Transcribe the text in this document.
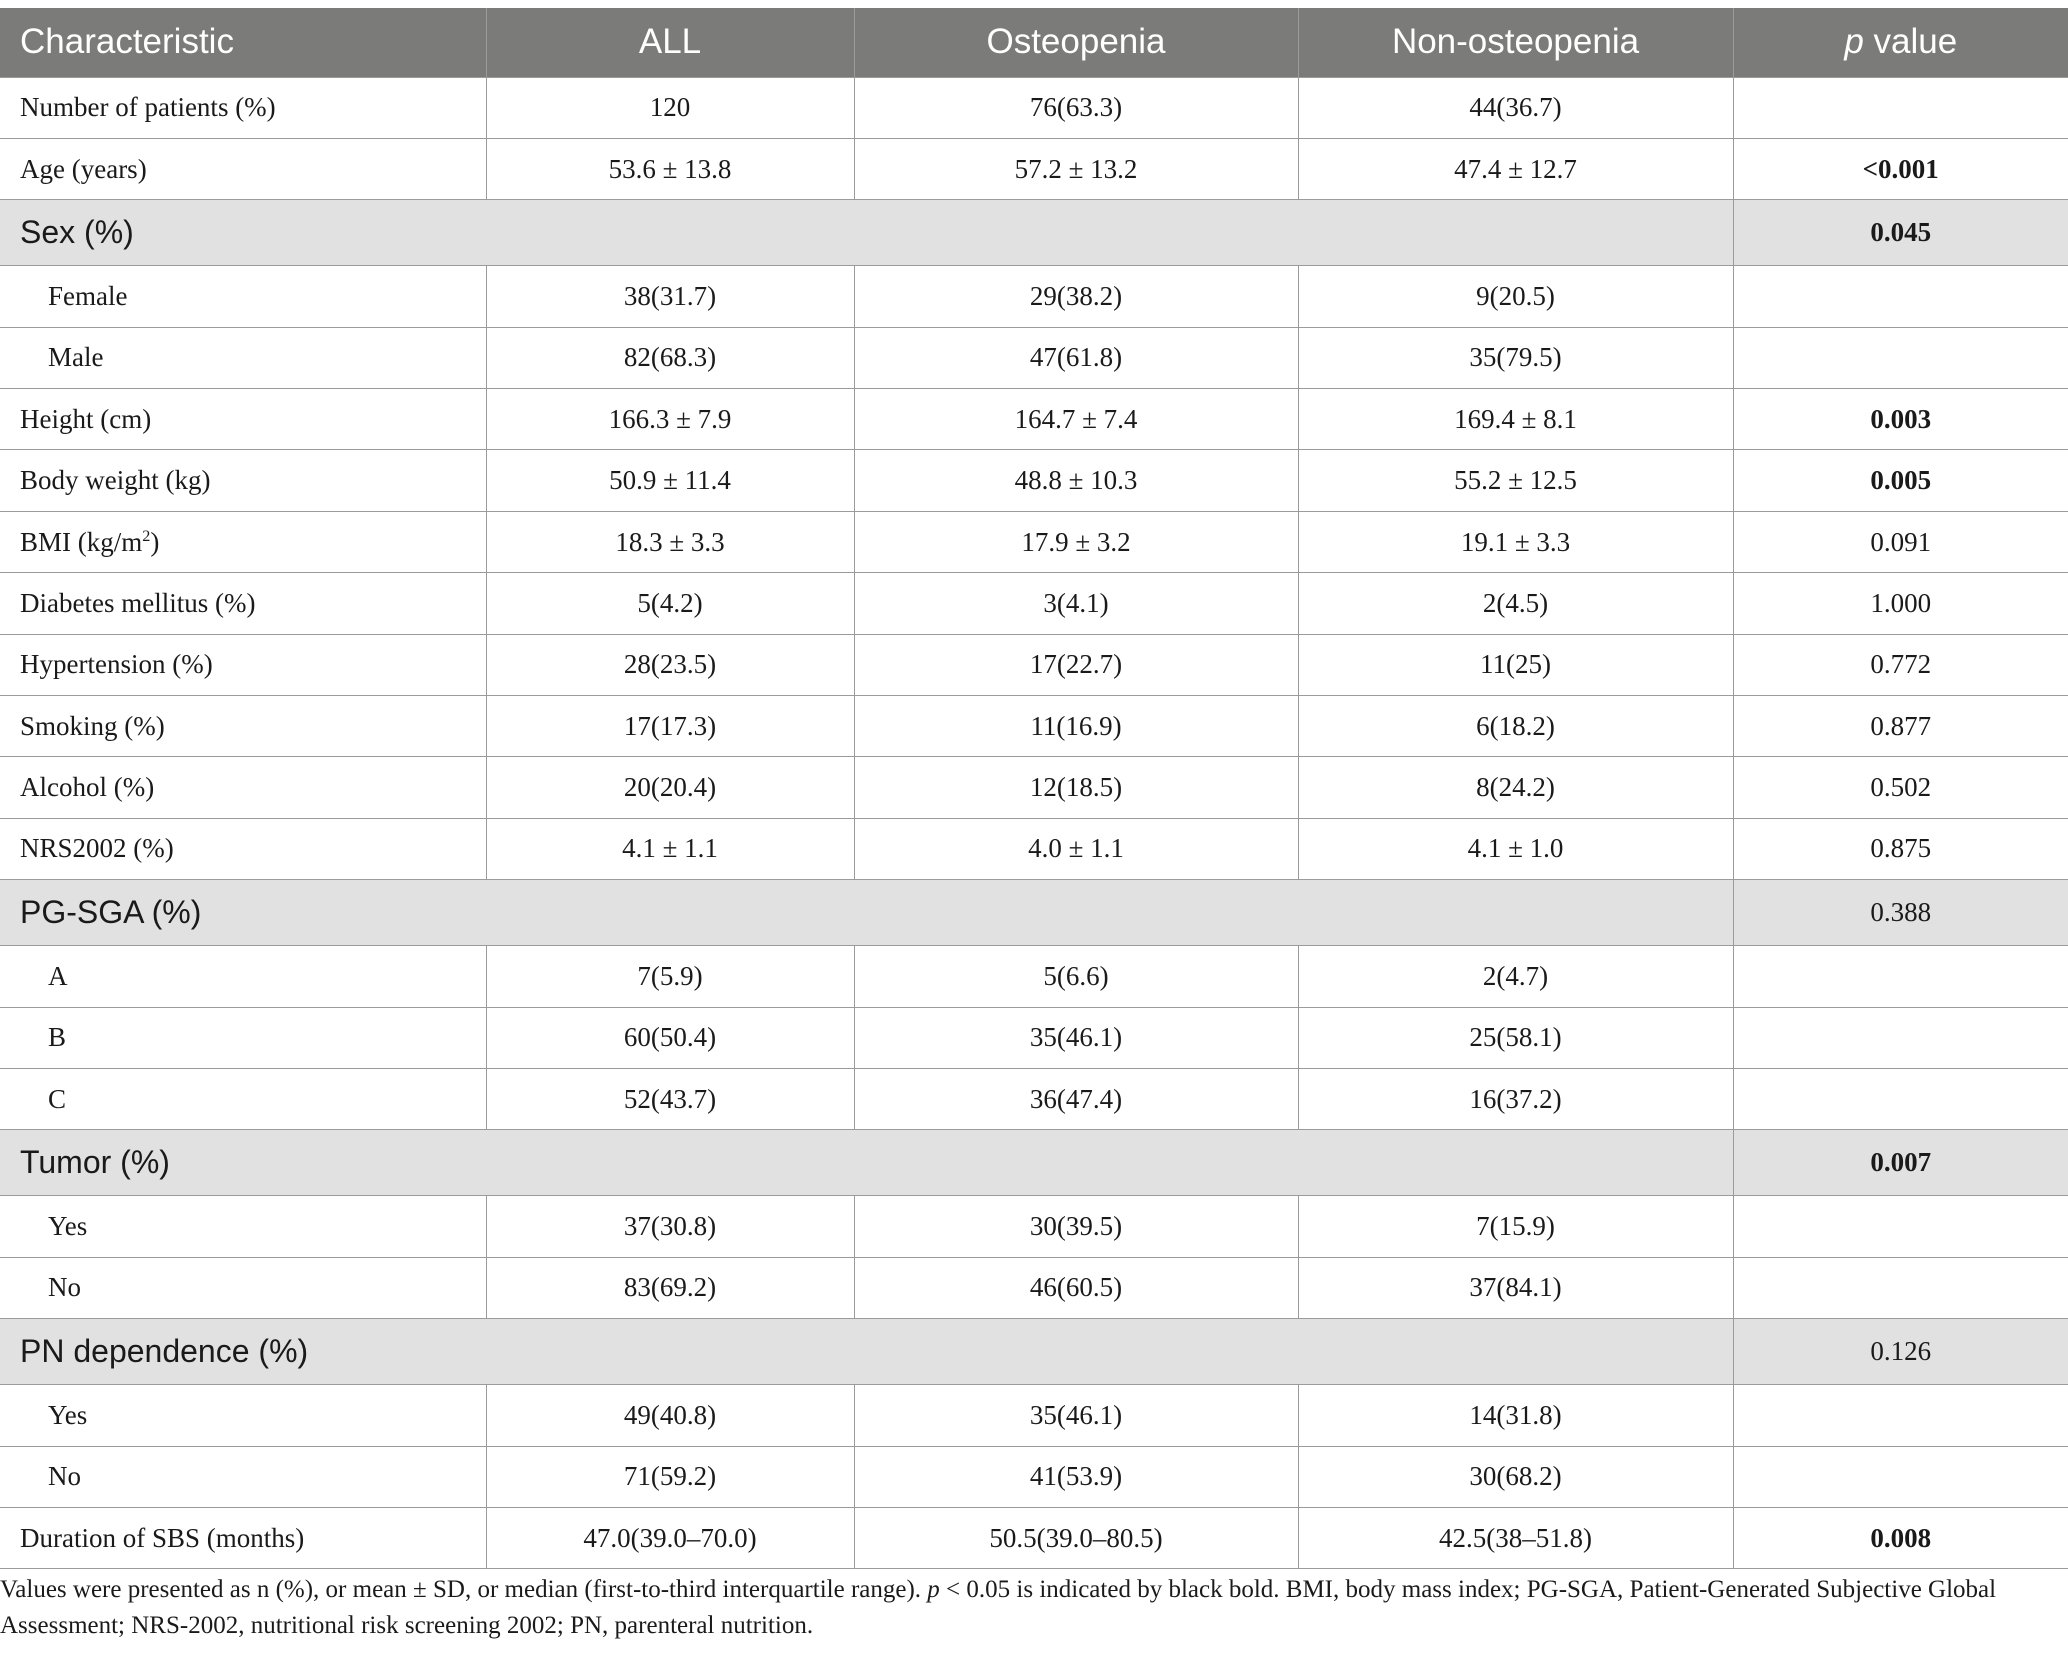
Characteristic	ALL	Osteopenia	Non-osteopenia	p value
Number of patients (%)	120	76(63.3)	44(36.7)	
Age (years)	53.6 ± 13.8	57.2 ± 13.2	47.4 ± 12.7	<0.001
Sex (%)				0.045
Female	38(31.7)	29(38.2)	9(20.5)	
Male	82(68.3)	47(61.8)	35(79.5)	
Height (cm)	166.3 ± 7.9	164.7 ± 7.4	169.4 ± 8.1	0.003
Body weight (kg)	50.9 ± 11.4	48.8 ± 10.3	55.2 ± 12.5	0.005
BMI $(kg/m^2)$	18.3 ± 3.3	17.9 ± 3.2	19.1 ± 3.3	0.091
Diabetes mellitus (%)	5(4.2)	3(4.1)	2(4.5)	1.000
Hypertension (%)	28(23.5)	17(22.7)	11(25)	0.772
Smoking (%)	17(17.3)	11(16.9)	6(18.2)	0.877
Alcohol (%)	20(20.4)	12(18.5)	8(24.2)	0.502
NRS2002 (%)	4.1 ± 1.1	4.0 ± 1.1	4.1 ± 1.0	0.875
PG-SGA (%)				0.388
A	7(5.9)	5(6.6)	2(4.7)	
B	60(50.4)	35(46.1)	25(58.1)	
C	52(43.7)	36(47.4)	16(37.2)	
Tumor (%)				0.007
Yes	37(30.8)	30(39.5)	7(15.9)	
No	83(69.2)	46(60.5)	37(84.1)	
PN dependence (%)				0.126
Yes	49(40.8)	35(46.1)	14(31.8)	
No	71(59.2)	41(53.9)	30(68.2)	
Duration of SBS (months)	47.0(39.0–70.0)	50.5(39.0–80.5)	42.5(38–51.8)	0.008
Values were presented as n (%), or mean ± SD, or median (first-to-third interquartile range). p < 0.05 is indicated by black bold. BMI, body mass index; PG-SGA, Patient-Generated Subjective Global Assessment; NRS-2002, nutritional risk screening 2002; PN, parenteral nutrition.
